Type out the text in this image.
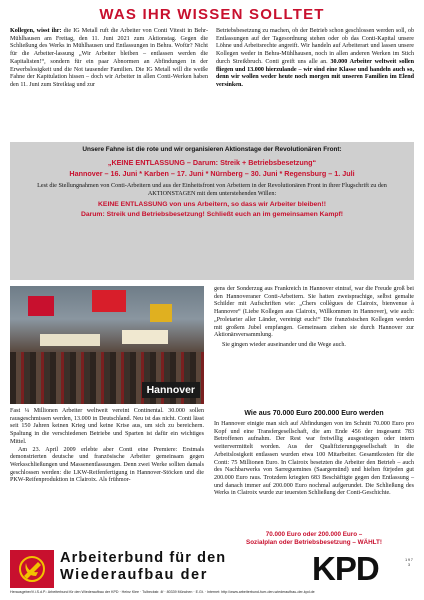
WAS IHR WISSEN SOLLTET

Kollegen, wisst ihr: die IG Metall ruft die Arbeiter von Conti Vitesit in Behr-Mühlhausen am Freitag, den 11. Juni 2021 zum Aktionstag. Gegen die Schließung des Werks in Mühlhausen und Entlassungen in Behra. Wofür? Nicht für die Arbeiter-lassung „Wir Arbeiter bleiben – entlassen werden die Kapitalisten!“, sondern für ein paar Abnormen an Abfindungen in der Erwerbslosigkeit und die Not tausender Familien. Die IG Metall will die weiße Fahne der Kapitulation hissen – doch wir Arbeiter in allen Conti-Werken haben den 11. Juni zum Streiktag und zur

Betriebsbesetzung zu machen, ob der Betrieb schon geschlossen werden soll, ob Entlassungen auf der Tagesordnung stehen oder ob das Conti-Kapital unsere Löhne und Arbeitsrechte angreift. Wir handeln auf Arbeiterart und lassen unsere Kollegen weder in Behra-Mühlhausen, noch in allen anderen Werken im Stich durch Streikbruch. Conti greift uns alle an. 30.000 Arbeiter weltweit sollen fliegen und 13.000 hierzulande – wir sind eine Klasse und handeln auch so, denn wir wollen weder heute noch morgen mit unseren Familien im Elend versinken.

Unsere Fahne ist die rote und wir organisieren Aktionstage der Revolutionären Front:
„KEINE ENTLASSUNG – Darum: Streik + Betriebsbesetzung“
Hannover – 16. Juni * Karben – 17. Juni * Nürnberg – 30. Juni * Regensburg – 1. Juli
Lest die Stellungnahmen von Conti-Arbeitern und aus der Einheitsfront von Arbeitern in der Revolutionären Front in ihrer Flugschrift zu den AKTIONSTAGEN mit dem unterstehenden Willen:
KEINE ENTLASSUNG von uns Arbeitern, so dass wir Arbeiter bleiben!!
Darum: Streik und Betriebsbesetzung! Schließt euch an im gemeinsamen Kampf!
Hannover

Fast ¼ Millionen Arbeiter weltweit vereint Continental. 30.000 sollen rausgeschmissen werden, 13.000 in Deutschland. Neu ist das nicht. Conti lässt seit 150 Jahren keinen Krieg und keine Krise aus, um sich zu bereichern. Spaltung in die verschiedenen Betriebe und Sparten ist dafür ein wichtiges Mittel.

Am 23. April 2009 erlebte aber Conti eine Premiere: Erstmals demonstrierten deutsche und französische Arbeiter gemeinsam gegen Werksschließungen und Massenentlassungen. Denn zwei Werke sollten damals geschlossen werden: die LKW-Reifenfertigung in Hannover-Stöcken und die PKW-Reifenproduktion in Clairoix. Als frühmor-

gens der Sonderzug aus Frankreich in Hannover eintraf, war die Freude groß bei den Hannoveraner Conti-Arbeitern. Sie hatten zweisprachige, selbst gemalte Schilder mit Aufschriften wie: „Chers collègues de Clairoix, bienvenue à Hannovre“ (Liebe Kollegen aus Clairoix, Willkommen in Hannover), wie auch: „Proletarier aller Länder, vereinigt euch!“ Die französischen Kollegen werden mit großem Jubel empfangen. Gemeinsam ziehen sie durch Hannover zur Aktionärsversammlung.

Sie gingen wieder auseinander und die Wege auch.

Wie aus 70.000 Euro 200.000 Euro werden

In Hannover einigte man sich auf Abfindungen von im Schnitt 70.000 Euro pro Kopf und eine Transfergesellschaft, die am Ende 456 der insgesamt 783 Betroffenen aufnahm. Der Rest war freiwillig ausgestiegen oder intern weitervermittelt worden. Aus der Qualifizierungsgesellschaft in die Arbeitslosigkeit entlassen wurden etwa 100 Mitarbeiter. Gesamtkosten für die Conti: 75 Millionen Euro. In Clairoix besetzten die Arbeiter den Betrieb – auch des Nachbarwerks von Sarreguemines (Saargemünd) und hielten fürjeden gut 200.000 Euro raus. Trotzdem kriegten 683 Beschäftigte gegen den Entlassung – und danach immer auf 200.000 Euro nochmal aufgerundet. Die Schließung des Werks in Clairoix wurde zur teuersten Schließung der Conti-Geschichte.

70.000 Euro oder 200.000 Euro –
Sozialplan oder Betriebsbesetzung – WÄHLT!
Arbeiterbund für den
Wiederaufbau der	KPD	1 9 7 3
Herausgeber/V.i.S.d.P.: Arbeiterbund für den Wiederaufbau der KPD · Heinz Klee · Tulbeckstr. 4f · 80339 München · E.Gt. · Internet: http://www.arbeiterbund-fuer-den-wiederaufbau-der-kpd.de
